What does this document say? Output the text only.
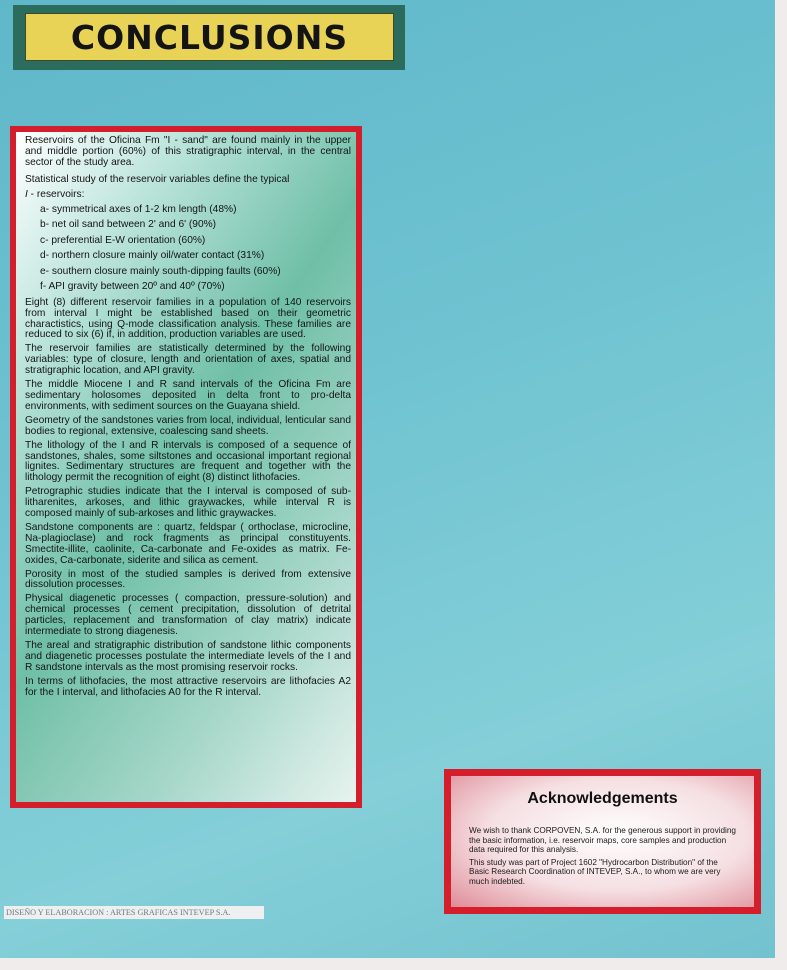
CONCLUSIONS

Reservoirs of the Oficina Fm "I - sand" are found mainly in the upper and middle portion (60%) of this stratigraphic interval, in the central sector of the study area.

Statistical study of the reservoir variables define the typical
I - reservoirs:

a- symmetrical axes of 1-2 km length (48%)
b- net oil sand between 2' and 6' (90%)
c- preferential E-W orientation (60%)
d- northern closure mainly oil/water contact (31%)
e- southern closure mainly south-dipping faults (60%)
f- API gravity between 20º and 40º (70%)

Eight (8) different reservoir families in a population of 140 reservoirs from interval I might be established based on their geometric charactistics, using Q-mode classification analysis. These families are reduced to six (6) if, in addition, production variables are used.

The reservoir families are statistically determined by the following variables: type of closure, length and orientation of axes, spatial and stratigraphic location, and API gravity.

The middle Miocene I and R sand intervals of the Oficina Fm are sedimentary holosomes deposited in delta front to pro-delta environments, with sediment sources on the Guayana shield.

Geometry of the sandstones varies from local, individual, lenticular sand bodies to regional, extensive, coalescing sand sheets.

The lithology of the I and R intervals is composed of a sequence of sandstones, shales, some siltstones and occasional important regional lignites. Sedimentary structures are frequent and together with the lithology permit the recognition of eight (8) distinct lithofacies.

Petrographic studies indicate that the I interval is composed of sub- litharenites, arkoses, and lithic graywackes, while interval R is composed mainly of sub-arkoses and lithic graywackes.

Sandstone components are : quartz, feldspar ( orthoclase, microcline, Na-plagioclase) and rock fragments as principal constituyents. Smectite-illite, caolinite, Ca-carbonate and Fe-oxides as matrix. Fe-oxides, Ca-carbonate, siderite and silica as cement.

Porosity in most of the studied samples is derived from extensive dissolution processes.

Physical diagenetic processes ( compaction, pressure-solution) and chemical processes ( cement precipitation, dissolution of detrital particles, replacement and transformation of clay matrix) indicate intermediate to strong diagenesis.

The areal and stratigraphic distribution of sandstone lithic components and diagenetic processes postulate the intermediate levels of the I and R sandstone intervals as the most promising reservoir rocks.

In terms of lithofacies, the most attractive reservoirs are lithofacies A2 for the I interval, and lithofacies A0 for the R interval.

Acknowledgements

We wish to thank CORPOVEN, S.A. for the generous support in providing the basic information, i.e. reservoir maps, core samples and production data required for this analysis.

This study was part of Project 1602 "Hydrocarbon Distribution" of the Basic Research Coordination of INTEVEP, S.A., to whom we are very much indebted.

DISEÑO Y ELABORACION : ARTES GRAFICAS INTEVEP S.A.
